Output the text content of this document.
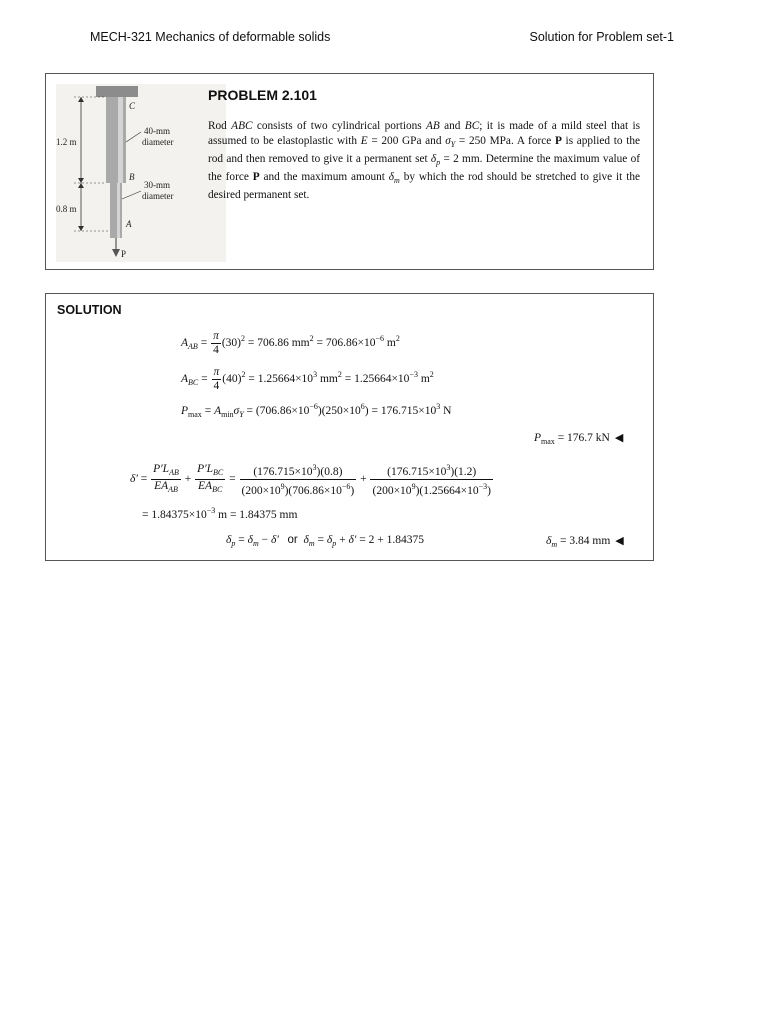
MECH-321 Mechanics of deformable solids	Solution for Problem set-1
C
B
A
P
1.2 m
0.8 m
40-mm
diameter
30-mm
diameter
PROBLEM 2.101
Rod ABC consists of two cylindrical portions AB and BC; it is made of a mild steel that is assumed to be elastoplastic with E = 200 GPa and $\sigma_Y = 250$ MPa. A force P is applied to the rod and then removed to give it a permanent set $\delta_p = 2$ mm. Determine the maximum value of the force P and the maximum amount $\delta_m$ by which the rod should be stretched to give it the desired permanent set.
SOLUTION
$A_{AB} = \frac{\pi}{4} (30)^2 = 706.86$ $mm^2 = 706.86\times 10^{-6}$ $m^2$
$A_{BC} = \frac{\pi}{4} (40)^2 = 1.25664\times 10^3$ $mm^2 = 1.25664\times 10^{-3}$ $m^2$
$P_{max} = A_{min}\sigma_Y = (706.86\times 10^{-6})(250\times 10^6) = 176.715\times 10^3$ N
$P_{max} = 176.7$ kN ◀
$\delta' = \frac{P'L_{AB}}{EA_{AB}} + \frac{P'L_{BC}}{EA_{BC}} = \frac{(176.715\times 10^3)(0.8)}{(200\times 10^9)(706.86\times 10^{-6})} + \frac{(176.715\times 10^3)(1.2)}{(200\times 10^9)(1.25664\times 10^{-3})}$
= $1.84375\times 10^{-3}$ m = 1.84375 mm
$\delta_p = \delta_m - \delta'$ or $\delta_m = \delta_p + \delta' = 2 + 1.84375$	$\delta_m = 3.84$ mm ◀
